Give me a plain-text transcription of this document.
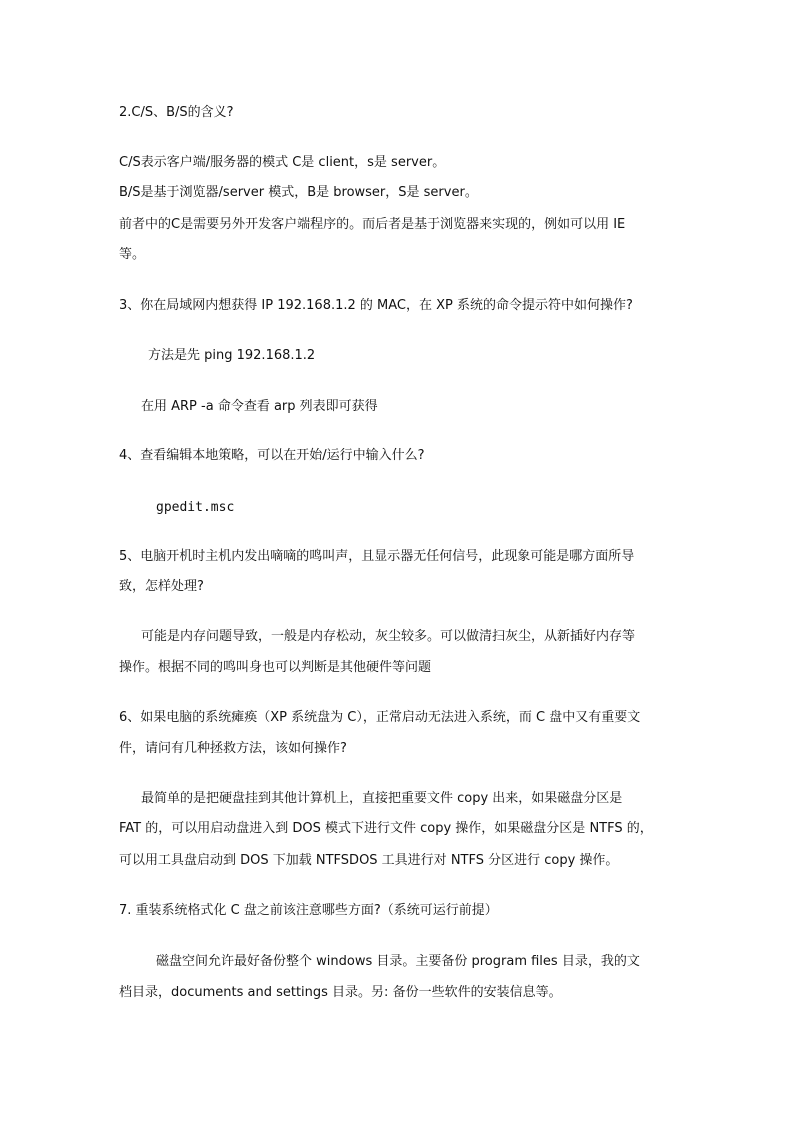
2.C/S、B/S的含义?
C/S表示客户端/服务器的模式 C是 client，s是 server。
B/S是基于浏览器/server 模式，B是 browser，S是 server。
前者中的C是需要另外开发客户端程序的。而后者是基于浏览器来实现的，例如可以用 IE
等。
3、你在局域网内想获得 IP 192.168.1.2 的 MAC，在 XP 系统的命令提示符中如何操作?
方法是先 ping 192.168.1.2
在用 ARP -a 命令查看 arp 列表即可获得
4、查看编辑本地策略，可以在开始/运行中输入什么?
gpedit.msc
5、电脑开机时主机内发出嘀嘀的鸣叫声，且显示器无任何信号，此现象可能是哪方面所导
致，怎样处理?
可能是内存问题导致，一般是内存松动，灰尘较多。可以做清扫灰尘，从新插好内存等
操作。根据不同的鸣叫身也可以判断是其他硬件等问题
6、如果电脑的系统瘫痪（XP 系统盘为 C），正常启动无法进入系统，而 C 盘中又有重要文
件，请问有几种拯救方法，该如何操作?
最简单的是把硬盘挂到其他计算机上，直接把重要文件 copy 出来，如果磁盘分区是
FAT 的，可以用启动盘进入到 DOS 模式下进行文件 copy 操作，如果磁盘分区是 NTFS 的，
可以用工具盘启动到 DOS 下加载 NTFSDOS 工具进行对 NTFS 分区进行 copy 操作。
7. 重装系统格式化 C 盘之前该注意哪些方面?（系统可运行前提）
磁盘空间允许最好备份整个 windows 目录。主要备份 program files 目录，我的文
档目录，documents and settings 目录。另: 备份一些软件的安装信息等。
